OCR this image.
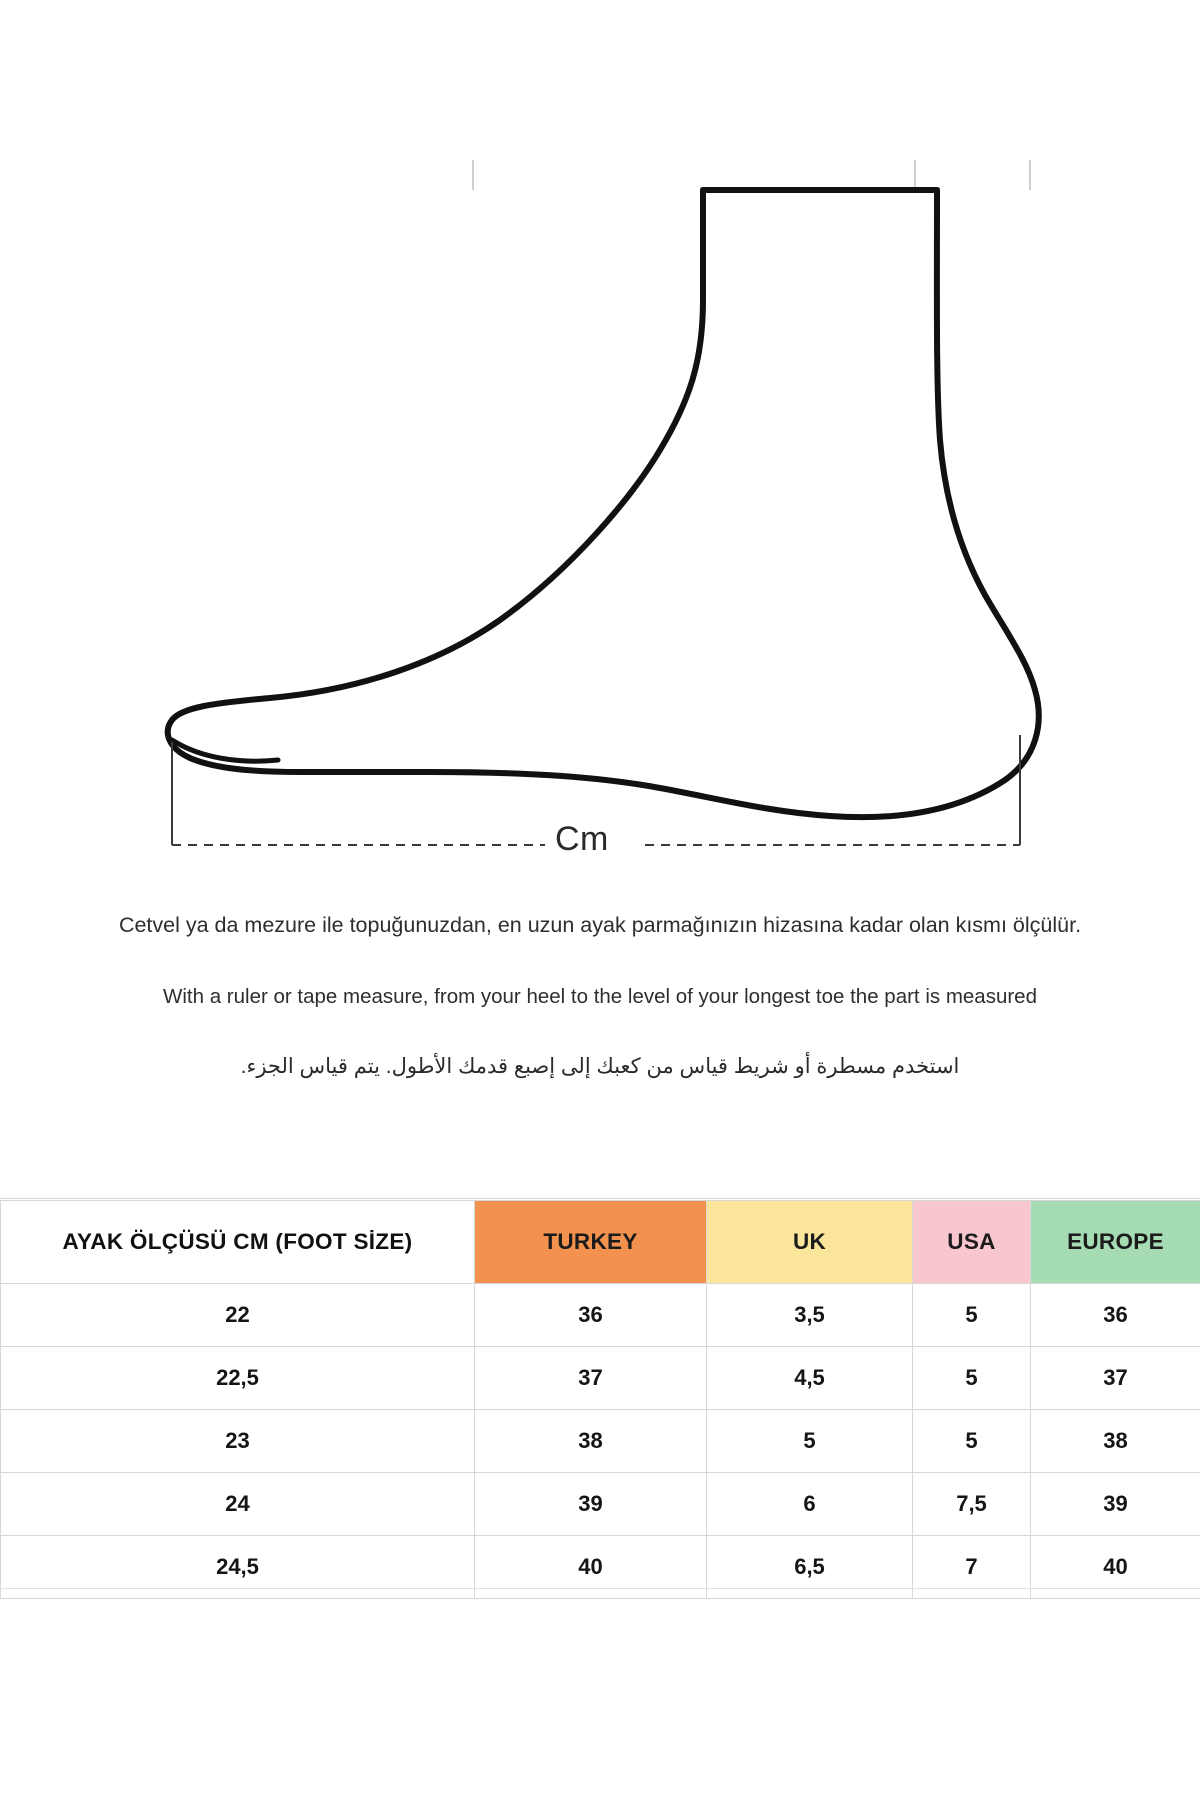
Cm
Cetvel ya da mezure ile topuğunuzdan, en uzun ayak parmağınızın hizasına kadar olan kısmı ölçülür.
With a ruler or tape measure, from your heel to the level of your longest toe the part is measured
استخدم مسطرة أو شريط قياس من كعبك إلى إصبع قدمك الأطول. يتم قياس الجزء.
AYAK ÖLÇÜSÜ CM (FOOT SİZE)	TURKEY	UK	USA	EUROPE
22	36	3,5	5	36
22,5	37	4,5	5	37
23	38	5	5	38
24	39	6	7,5	39
24,5	40	6,5	7	40
